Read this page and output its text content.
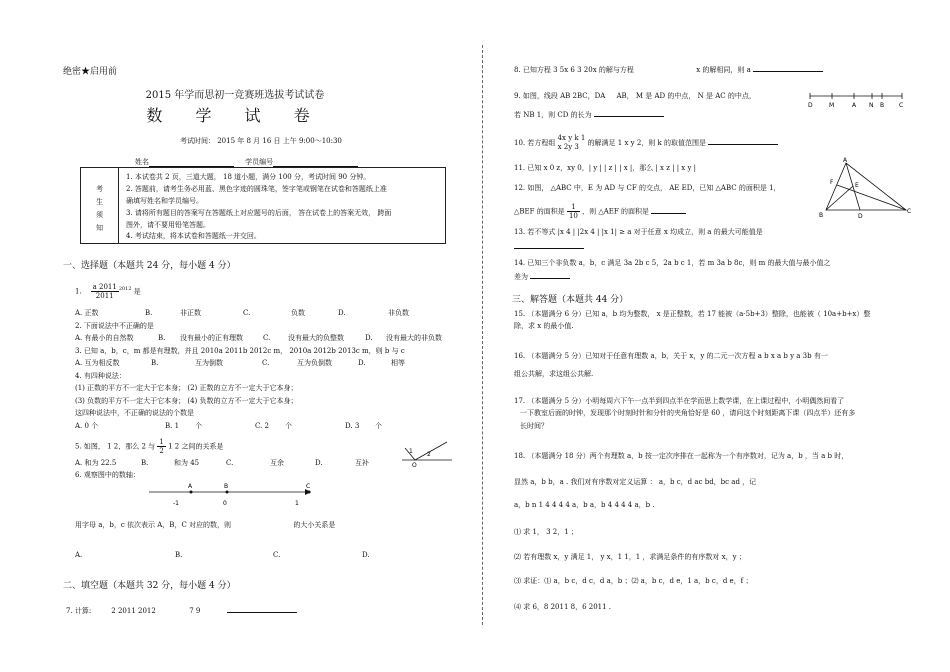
绝密★启用前
2015 年学而思初一竞赛班选拔考试试卷
数 学 试 卷
考试时间： 2015 年 8 月 16 日 上午 9:00～10:30
姓名	学员编号
考
生
须
知
1. 本试卷共 2 页，三道大题， 18 道小题，满分 100 分，考试时间 90 分钟。
2. 答题前，请考生务必用蓝、黑色字迹的圆珠笔，签字笔或钢笔在试卷和答题纸上准
确填写姓名和学员编号。
3. 请将所有题目的答案写在答题纸上对应题号的后面， 答在试卷上的答案无效， 跨面
图外，请不要用铅笔答题。
4. 考试结束，将本试卷和答题纸一并交回。
一、选择题（本题共 24 分，每小题 4 分）
1. $\frac{a 2011}{2011} ^{2012}$ 是
A. 正数	B.	非正数	C.	负数	D.	非负数
2. 下面说法中不正确的是
A. 有最小的自然数	B. 没有最小的正有理数	C.	没有最大的负整数	D. 没有最大的非负数
3. 已知 a，b，c，m 都是有理数，并且 2010a 2011b 2012c m， 2010a 2012b 2013c m，则 b 与 c
A. 互为相反数	B.	互为倒数	C.	互为负倒数	D.	相等
4. 有四种说法：
(1) 正数的平方不一定大于它本身； (2) 正数的立方不一定大于它本身；
(3) 负数的平方不一定大于它本身； (4) 负数的立方不一定大于它本身；
这四种说法中，不正确的说法的个数是
A. 0 个	B. 1 个	C. 2 个	D. 3 个
5. 如图， 1 2，那么 2 与 $\frac{1}{2} 1$ 2 之间的关系是
1 2
O
A. 和为 22.5	B.	和为 45	C.	互余	D.	互补
6. 观察图中的数轴：
A	B	C
-1	0	1
用字母 a，b，c 依次表示 A，B，C 对应的数，则	的大小关系是
A.	B.	C.	D.
二、填空题（本题共 32 分，每小题 4 分）
7. 计算:	2 2011 2012	7 9
8. 已知方程 3 5x 6 3 20x 的解与方程	x 的解相同，则 a
9. 如图，线段 AB 2BC，DA AB， M 是 AD 的中点， N 是 AC 的中点，
D	M	A N B C
若 NB 1，则 CD 的长为
10. 若方程组
4x y k 1
x 2y 3	的解满足 1 x y 2，则 k 的取值范围是
11. 已知 x 0 z，xy 0，| y | | z | | x |，那么 | x z | | x y |
12. 如图， △ABC 中，E 为 AD 与 CF 的交点， AE ED，已知 △ABC 的面积是 1，
△BEF 的面积是 $\frac{1}{10}$ ，则 △AEF 的面积是
A
F	E
B	D
C
13. 若不等式 |x 4 | |2x 4 | |x 1| ≥ a 对于任意 x 均成立，则 a 的最大可能值是
14. 已知三个非负数 a，b，c 满足 3a 2b c 5，2a b c 1，若 m 3a b 8c，则 m 的最大值与最小值之
差为
三、解答题（本题共 44 分）
15. （本题满分 6 分）已知 a，b 均为整数， x 是正整数，若 17 能被（a-5b+3）整除，也能被（ 10a+b+x）整
除，求 x 的最小值.
16. （本题满分 5 分）已知对于任意有理数 a，b，关于 x，y 的二元一次方程 a b x a b y a 3b 有一
组公共解，求这组公共解.
17. （本题满分 5 分）小明每周六下午一点半到四点半在学而思上数学课，在上课过程中，小明偶然间看了
一下教室后面的时钟，发现那个时刻时针和分针的夹角恰好是 60 ，请问这个时刻距离下课（四点半）还有多
长时间？
18. （本题满分 18 分）两个有理数 a，b 按一定次序排在一起称为一个有序数对，记为 a，b ，当 a b 时，
显然 a，b b，a . 我们对有序数对定义运算 ： a，b c，d ac bd，bc ad ，记
a，b n 1 4 4 4 4 a，b a，b 4 4 4 4 a，b .
⑴ 求 1， 3 2，1 ；
⑵ 若有理数 x，y 满足 1， y x，1 1，1 ，求满足条件的有序数对 x，y ；
⑶ 求证：⑴ a，b c，d c，d a，b ；⑵ a，b c，d e，1 a，b c，d e，f ；
⑷ 求 6，8 2011 8，6 2011 .
